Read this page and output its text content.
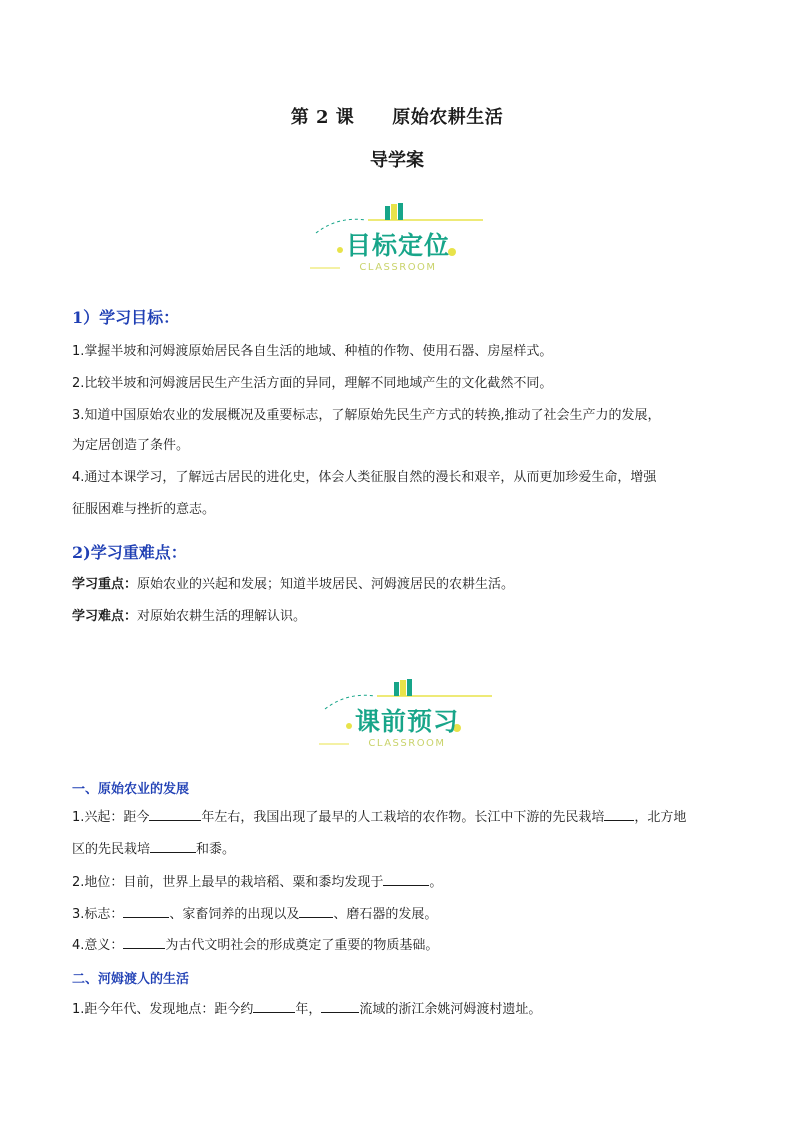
第 2 课 原始农耕生活
导学案
目标定位
CLASSROOM
1）学习目标：
1.掌握半坡和河姆渡原始居民各自生活的地域、种植的作物、使用石器、房屋样式。
2.比较半坡和河姆渡居民生产生活方面的异同，理解不同地域产生的文化截然不同。
3.知道中国原始农业的发展概况及重要标志，了解原始先民生产方式的转换,推动了社会生产力的发展，
为定居创造了条件。
4.通过本课学习，了解远古居民的进化史，体会人类征服自然的漫长和艰辛，从而更加珍爱生命，增强
征服困难与挫折的意志。
2)学习重难点：
学习重点：原始农业的兴起和发展；知道半坡居民、河姆渡居民的农耕生活。
学习难点：对原始农耕生活的理解认识。
课前预习
CLASSROOM
一、原始农业的发展
1.兴起：距今	年左右，我国出现了最早的人工栽培的农作物。长江中下游的先民栽培 ，北方地
区的先民栽培	和黍。
2.地位：目前，世界上最早的栽培稻、粟和黍均发现于	。
3.标志：	、家畜饲养的出现以及	、磨石器的发展。
4.意义：	为古代文明社会的形成奠定了重要的物质基础。
二、河姆渡人的生活
1.距今年代、发现地点：距今约	年，	流域的浙江余姚河姆渡村遗址。
